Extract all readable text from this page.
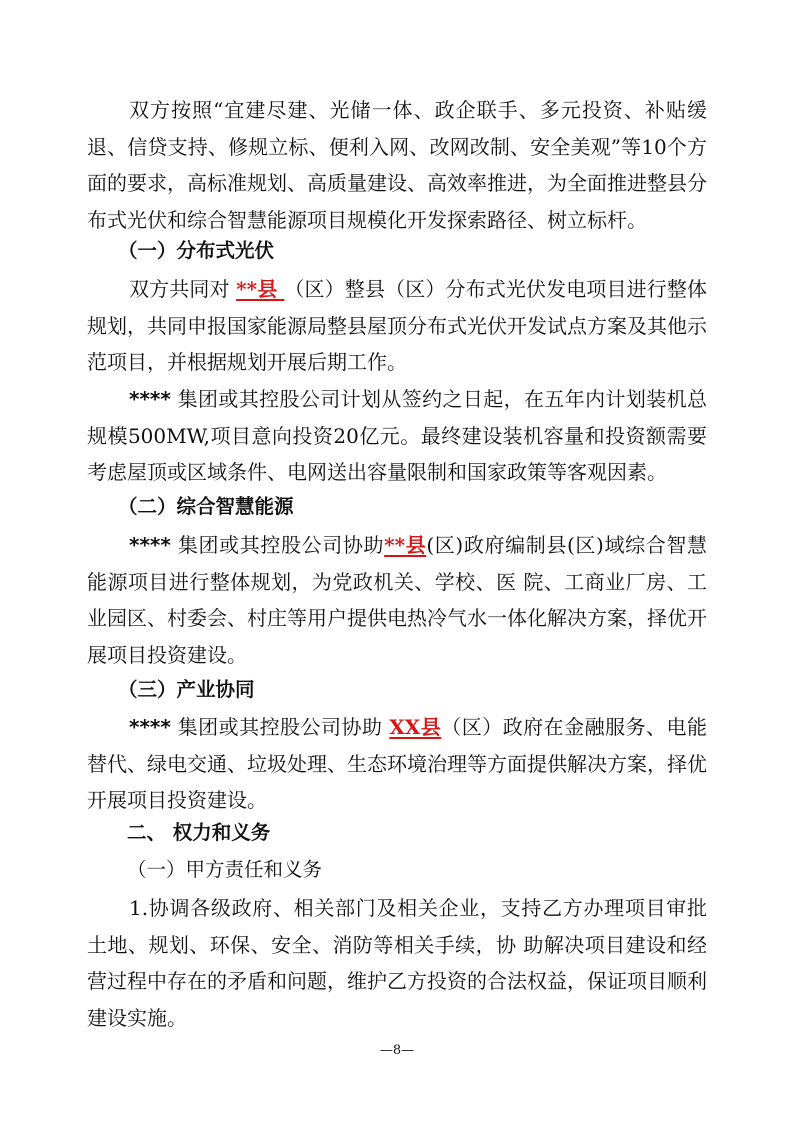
双方按照“宜建尽建、光储一体、政企联手、多元投资、补贴缓退、信贷支持、修规立标、便利入网、改网改制、安全美观”等10个方面的要求，高标准规划、高质量建设、高效率推进，为全面推进整县分布式光伏和综合智慧能源项目规模化开发探索路径、树立标杆。

（一）分布式光伏

双方共同对 **县 （区）整县（区）分布式光伏发电项目进行整体规划，共同申报国家能源局整县屋顶分布式光伏开发试点方案及其他示范项目，并根据规划开展后期工作。

**** 集团或其控股公司计划从签约之日起，在五年内计划装机总规模500MW,项目意向投资20亿元。最终建设装机容量和投资额需要考虑屋顶或区域条件、电网送出容量限制和国家政策等客观因素。

（二）综合智慧能源

**** 集团或其控股公司协助**县(区)政府编制县(区)域综合智慧能源项目进行整体规划，为党政机关、学校、医 院、工商业厂房、工业园区、村委会、村庄等用户提供电热冷气水一体化解决方案，择优开展项目投资建设。

（三）产业协同

**** 集团或其控股公司协助 XX县（区）政府在金融服务、电能替代、绿电交通、垃圾处理、生态环境治理等方面提供解决方案，择优开展项目投资建设。

二、 权力和义务

（一）甲方责任和义务

1.协调各级政府、相关部门及相关企业，支持乙方办理项目审批土地、规划、环保、安全、消防等相关手续，协 助解决项目建设和经营过程中存在的矛盾和问题，维护乙方投资的合法权益，保证项目顺利建设实施。

—8—
